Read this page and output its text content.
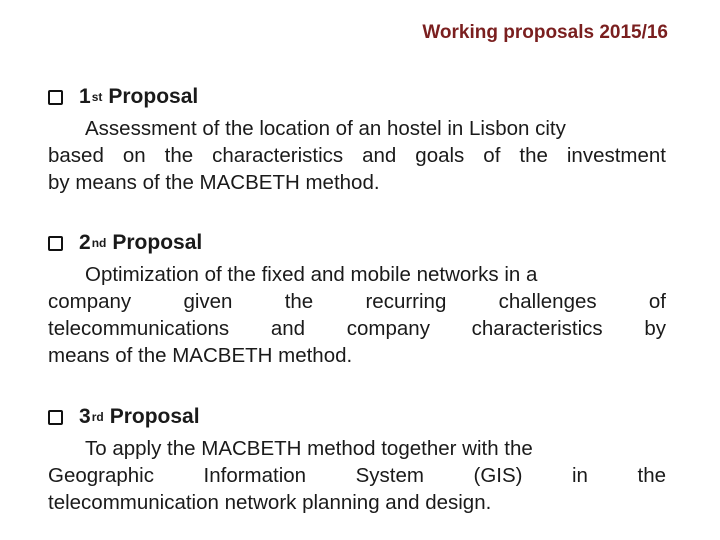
Working proposals 2015/16
1 st Proposal
Assessment of the location of an hostel in Lisbon city
based on the characteristics and goals of the investment
by means of the MACBETH method.
2 nd Proposal
Optimization of the fixed and mobile networks in a
company given the recurring challenges of
telecommunications and company characteristics by
means of the MACBETH method.
3 rd Proposal
To apply the MACBETH method together with the
Geographic Information System (GIS) in the
telecommunication network planning and design.
